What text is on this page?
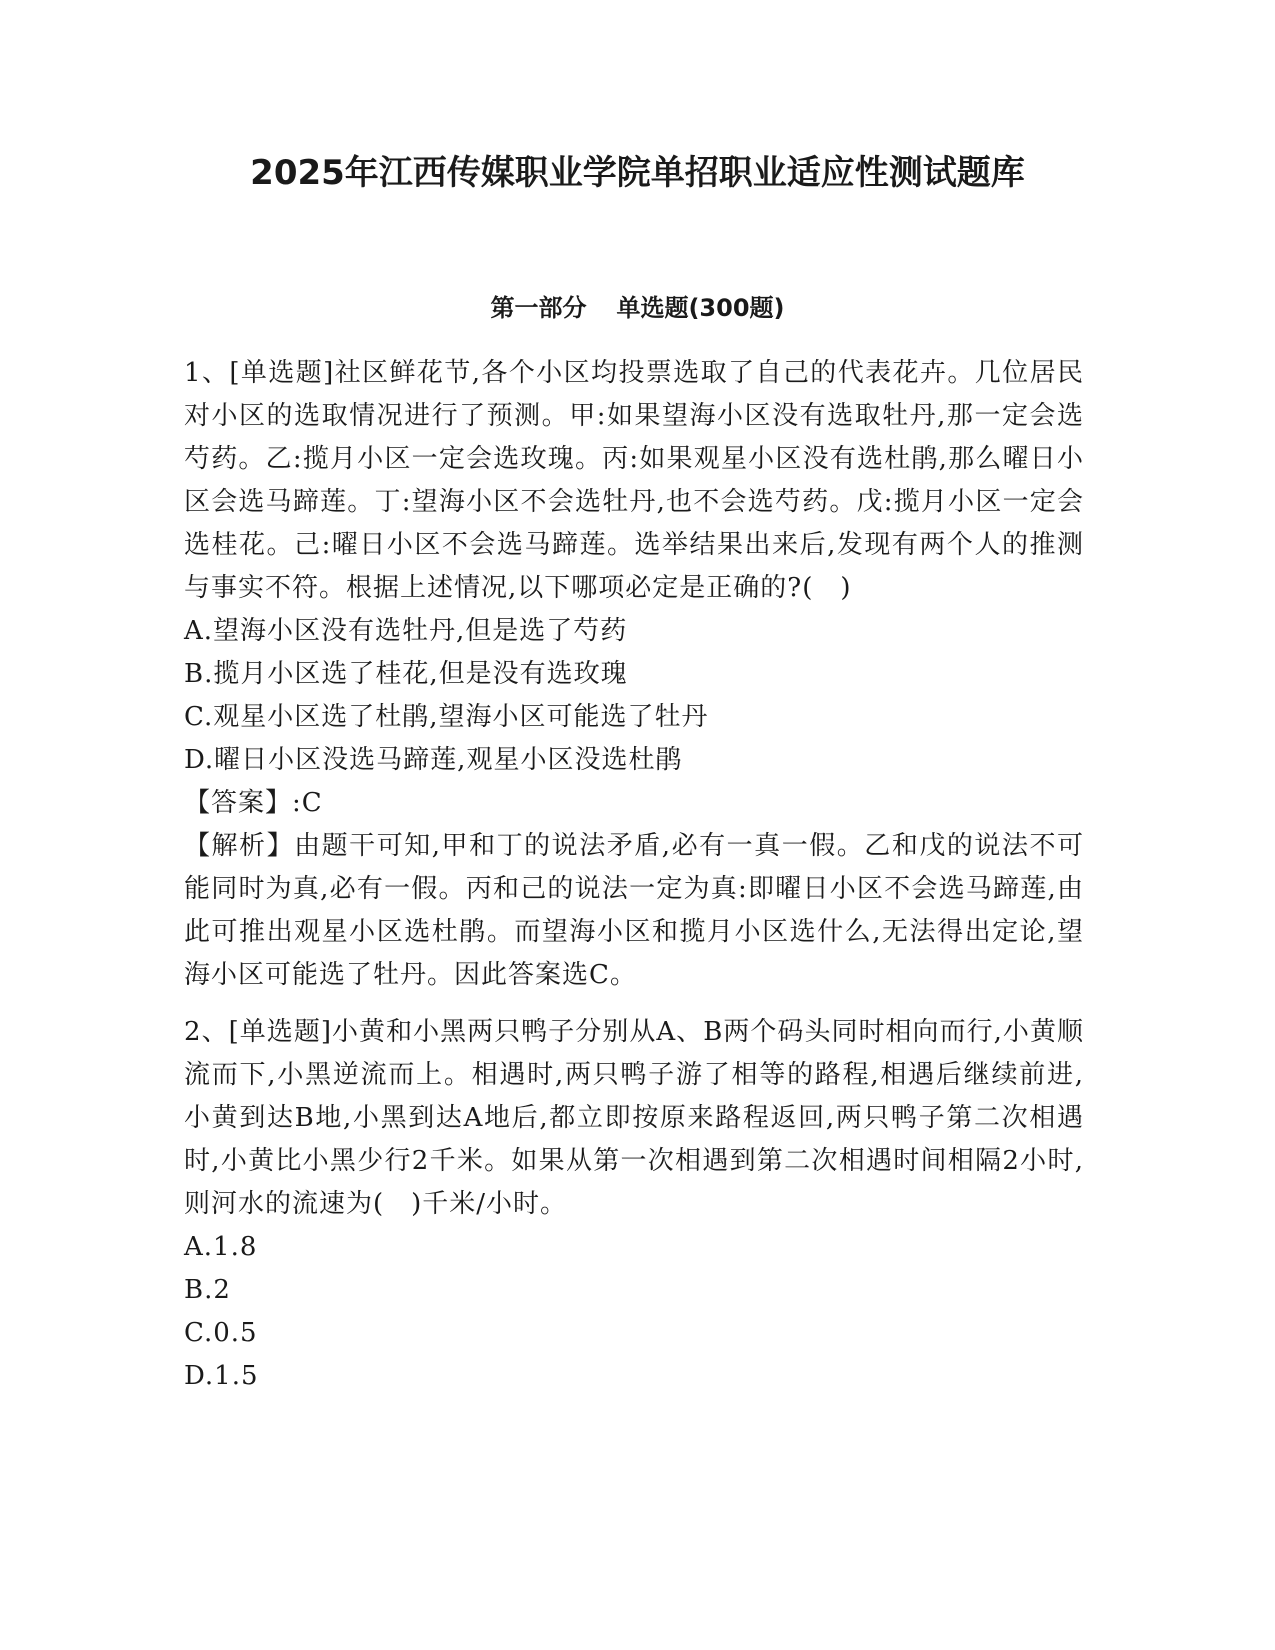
2025年江西传媒职业学院单招职业适应性测试题库
第一部分 单选题(300题)

1、[单选题]社区鲜花节,各个小区均投票选取了自己的代表花卉。几位居民对小区的选取情况进行了预测。甲:如果望海小区没有选取牡丹,那一定会选芍药。乙:揽月小区一定会选玫瑰。丙:如果观星小区没有选杜鹃,那么曜日小区会选马蹄莲。丁:望海小区不会选牡丹,也不会选芍药。戊:揽月小区一定会选桂花。己:曜日小区不会选马蹄莲。选举结果出来后,发现有两个人的推测与事实不符。根据上述情况,以下哪项必定是正确的?(　)

A.望海小区没有选牡丹,但是选了芍药

B.揽月小区选了桂花,但是没有选玫瑰

C.观星小区选了杜鹃,望海小区可能选了牡丹

D.曜日小区没选马蹄莲,观星小区没选杜鹃

【答案】:C

【解析】由题干可知,甲和丁的说法矛盾,必有一真一假。乙和戊的说法不可能同时为真,必有一假。丙和己的说法一定为真:即曜日小区不会选马蹄莲,由此可推出观星小区选杜鹃。而望海小区和揽月小区选什么,无法得出定论,望海小区可能选了牡丹。因此答案选C。

2、[单选题]小黄和小黑两只鸭子分别从A、B两个码头同时相向而行,小黄顺流而下,小黑逆流而上。相遇时,两只鸭子游了相等的路程,相遇后继续前进,小黄到达B地,小黑到达A地后,都立即按原来路程返回,两只鸭子第二次相遇时,小黄比小黑少行2千米。如果从第一次相遇到第二次相遇时间相隔2小时,则河水的流速为(　)千米/小时。

A.1.8

B.2

C.0.5

D.1.5
